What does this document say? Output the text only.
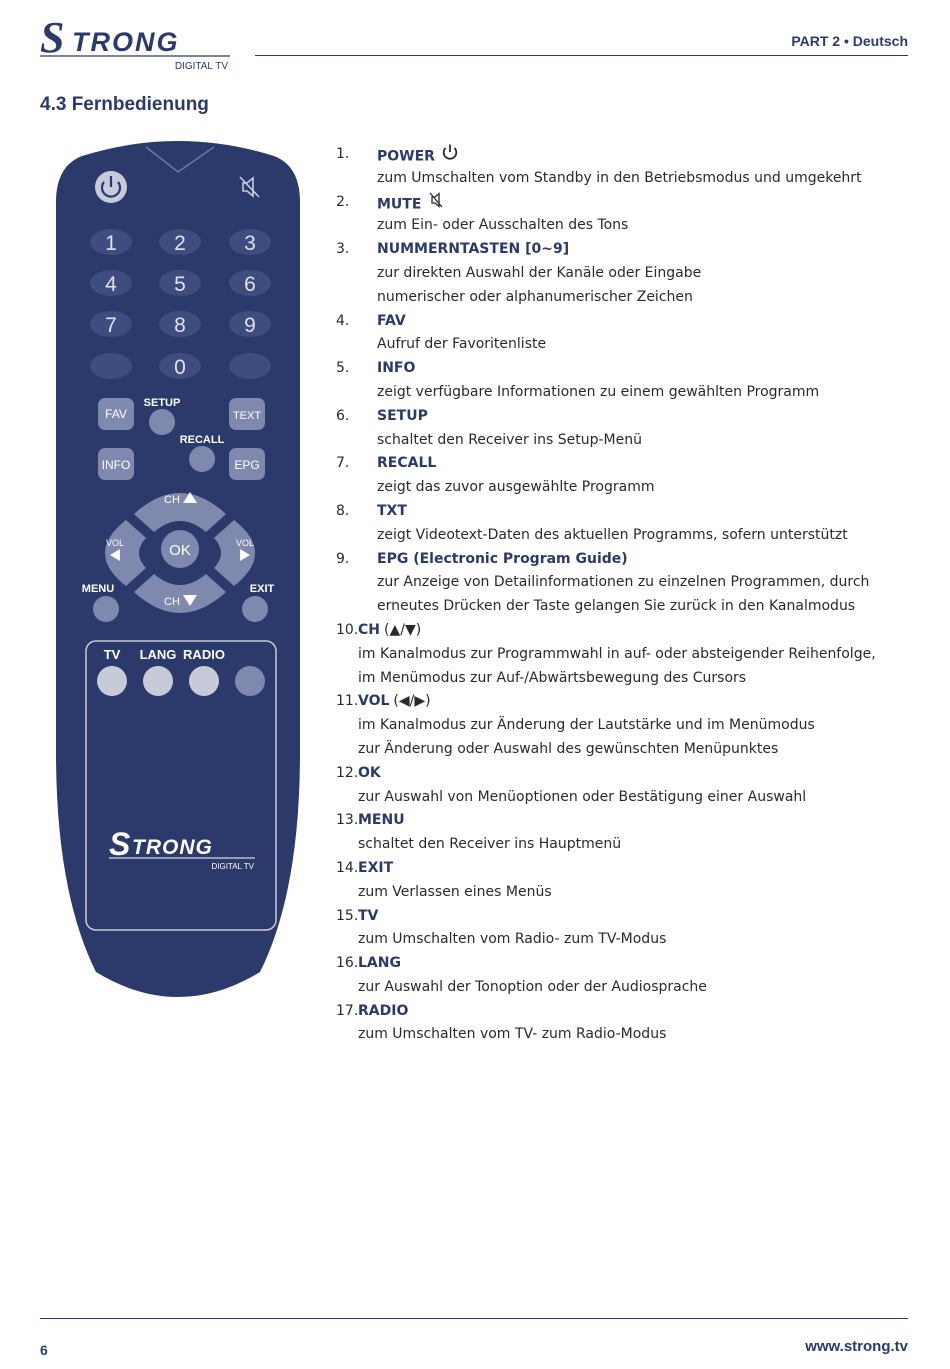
S TRONG
DIGITAL TV
PART 2 • Deutsch
4.3 Fernbedienung
1	2	3
4	5	6
7	8	9
0
FAV
SETUP
TEXT
RECALL
INFO	EPG
OK
CH
CH
VOL	VOL
MENU	EXIT
TV LANG RADIO
S TRONG
DIGITAL TV
1. POWER
zum Umschalten vom Standby in den Betriebsmodus und umgekehrt
2. MUTE
zum Ein- oder Ausschalten des Tons
3. NUMMERNTASTEN [0~9]
zur direkten Auswahl der Kanäle oder Eingabe
numerischer oder alphanumerischer Zeichen
4. FAV
Aufruf der Favoritenliste
5. INFO
zeigt verfügbare Informationen zu einem gewählten Programm
6. SETUP
schaltet den Receiver ins Setup-Menü
7. RECALL
zeigt das zuvor ausgewählte Programm
8. TXT
zeigt Videotext-Daten des aktuellen Programms, sofern unterstützt
9. EPG (Electronic Program Guide)
zur Anzeige von Detailinformationen zu einzelnen Programmen, durch
erneutes Drücken der Taste gelangen Sie zurück in den Kanalmodus
10. CH (▲/▼)
im Kanalmodus zur Programmwahl in auf- oder absteigender Reihenfolge,
im Menümodus zur Auf-/Abwärtsbewegung des Cursors
11. VOL (◀/▶)
im Kanalmodus zur Änderung der Lautstärke und im Menümodus
zur Änderung oder Auswahl des gewünschten Menüpunktes
12. OK
zur Auswahl von Menüoptionen oder Bestätigung einer Auswahl
13. MENU
schaltet den Receiver ins Hauptmenü
14. EXIT
zum Verlassen eines Menüs
15. TV
zum Umschalten vom Radio- zum TV-Modus
16. LANG
zur Auswahl der Tonoption oder der Audiosprache
17. RADIO
zum Umschalten vom TV- zum Radio-Modus
6	www.strong.tv
